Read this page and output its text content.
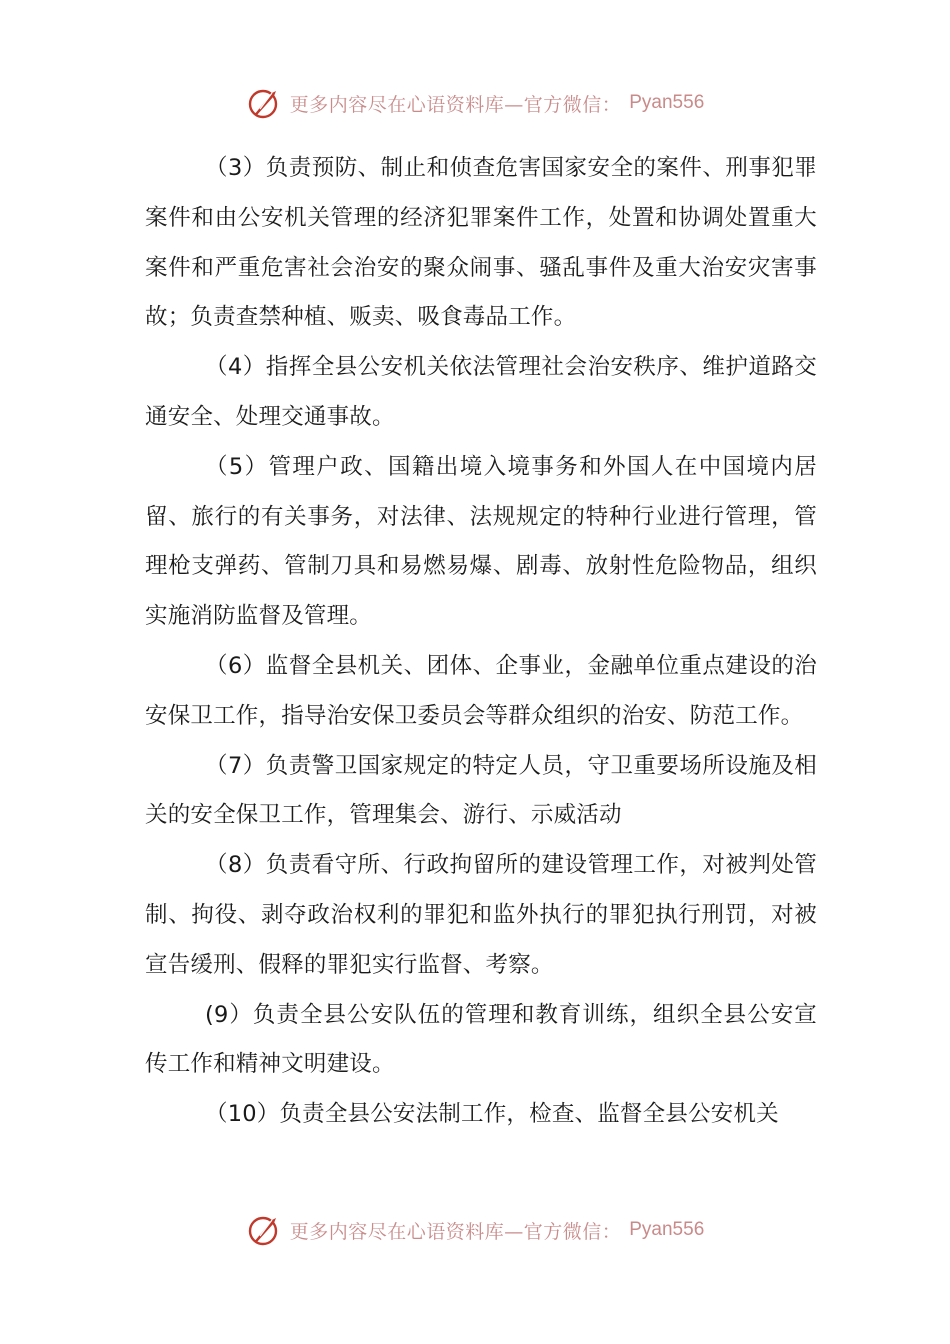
更多内容尽在心语资料库—官方微信： Pyan556

（3）负责预防、制止和侦查危害国家安全的案件、刑事犯罪案件和由公安机关管理的经济犯罪案件工作，处置和协调处置重大案件和严重危害社会治安的聚众闹事、骚乱事件及重大治安灾害事故；负责查禁种植、贩卖、吸食毒品工作。

（4）指挥全县公安机关依法管理社会治安秩序、维护道路交通安全、处理交通事故。

（5）管理户政、国籍出境入境事务和外国人在中国境内居留、旅行的有关事务，对法律、法规规定的特种行业进行管理，管理枪支弹药、管制刀具和易燃易爆、剧毒、放射性危险物品，组织实施消防监督及管理。

（6）监督全县机关、团体、企事业，金融单位重点建设的治安保卫工作，指导治安保卫委员会等群众组织的治安、防范工作。

（7）负责警卫国家规定的特定人员，守卫重要场所设施及相关的安全保卫工作，管理集会、游行、示威活动

（8）负责看守所、行政拘留所的建设管理工作，对被判处管制、拘役、剥夺政治权利的罪犯和监外执行的罪犯执行刑罚，对被宣告缓刑、假释的罪犯实行监督、考察。

(9）负责全县公安队伍的管理和教育训练，组织全县公安宣传工作和精神文明建设。

（10）负责全县公安法制工作，检查、监督全县公安机关

更多内容尽在心语资料库—官方微信： Pyan556
